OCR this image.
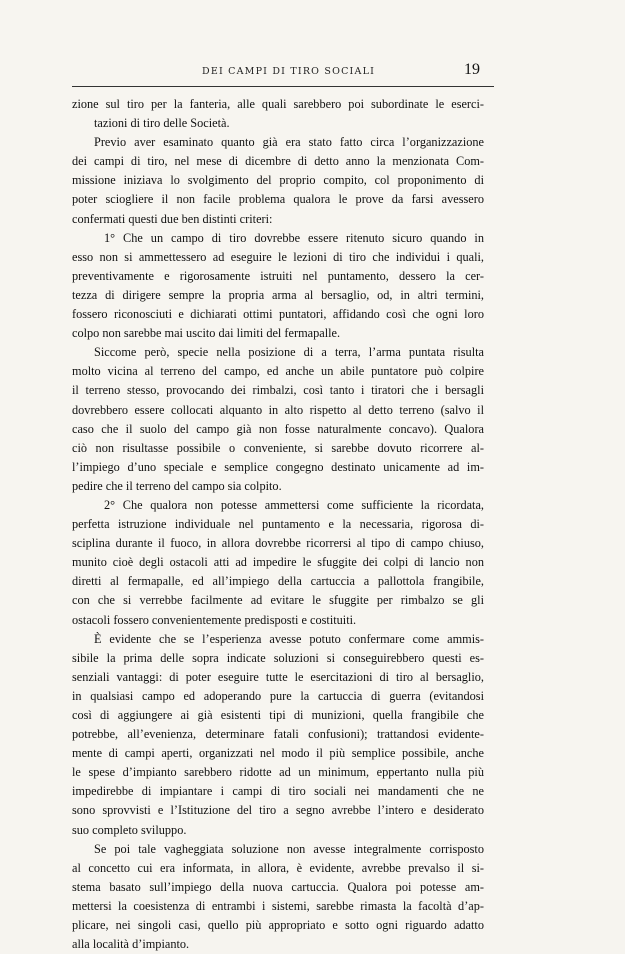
DEI CAMPI DI TIRO SOCIALI	19
zione sul tiro per la fanteria, alle quali sarebbero poi subordinate le eserci-
tazioni di tiro delle Società.
Previo aver esaminato quanto già era stato fatto circa l’organizzazione
dei campi di tiro, nel mese di dicembre di detto anno la menzionata Com-
missione iniziava lo svolgimento del proprio compito, col proponimento di
poter sciogliere il non facile problema qualora le prove da farsi avessero
confermati questi due ben distinti criteri:
1° Che un campo di tiro dovrebbe essere ritenuto sicuro quando in
esso non si ammettessero ad eseguire le lezioni di tiro che individui i quali,
preventivamente e rigorosamente istruiti nel puntamento, dessero la cer-
tezza di dirigere sempre la propria arma al bersaglio, od, in altri termini,
fossero riconosciuti e dichiarati ottimi puntatori, affidando così che ogni loro
colpo non sarebbe mai uscito dai limiti del fermapalle.
Siccome però, specie nella posizione di a terra, l’arma puntata risulta
molto vicina al terreno del campo, ed anche un abile puntatore può colpire
il terreno stesso, provocando dei rimbalzi, così tanto i tiratori che i bersagli
dovrebbero essere collocati alquanto in alto rispetto al detto terreno (salvo il
caso che il suolo del campo già non fosse naturalmente concavo). Qualora
ciò non risultasse possibile o conveniente, si sarebbe dovuto ricorrere al-
l’impiego d’uno speciale e semplice congegno destinato unicamente ad im-
pedire che il terreno del campo sia colpito.
2° Che qualora non potesse ammettersi come sufficiente la ricordata,
perfetta istruzione individuale nel puntamento e la necessaria, rigorosa di-
sciplina durante il fuoco, in allora dovrebbe ricorrersi al tipo di campo chiuso,
munito cioè degli ostacoli atti ad impedire le sfuggite dei colpi di lancio non
diretti al fermapalle, ed all’impiego della cartuccia a pallottola frangibile,
con che si verrebbe facilmente ad evitare le sfuggite per rimbalzo se gli
ostacoli fossero convenientemente predisposti e costituiti.
È evidente che se l’esperienza avesse potuto confermare come ammis-
sibile la prima delle sopra indicate soluzioni si conseguirebbero questi es-
senziali vantaggi: di poter eseguire tutte le esercitazioni di tiro al bersaglio,
in qualsiasi campo ed adoperando pure la cartuccia di guerra (evitandosi
così di aggiungere ai già esistenti tipi di munizioni, quella frangibile che
potrebbe, all’evenienza, determinare fatali confusioni); trattandosi evidente-
mente di campi aperti, organizzati nel modo il più semplice possibile, anche
le spese d’impianto sarebbero ridotte ad un minimum, eppertanto nulla più
impedirebbe di impiantare i campi di tiro sociali nei mandamenti che ne
sono sprovvisti e l’Istituzione del tiro a segno avrebbe l’intero e desiderato
suo completo sviluppo.
Se poi tale vagheggiata soluzione non avesse integralmente corrisposto
al concetto cui era informata, in allora, è evidente, avrebbe prevalso il si-
stema basato sull’impiego della nuova cartuccia. Qualora poi potesse am-
mettersi la coesistenza di entrambi i sistemi, sarebbe rimasta la facoltà d’ap-
plicare, nei singoli casi, quello più appropriato e sotto ogni riguardo adatto
alla località d’impianto.
